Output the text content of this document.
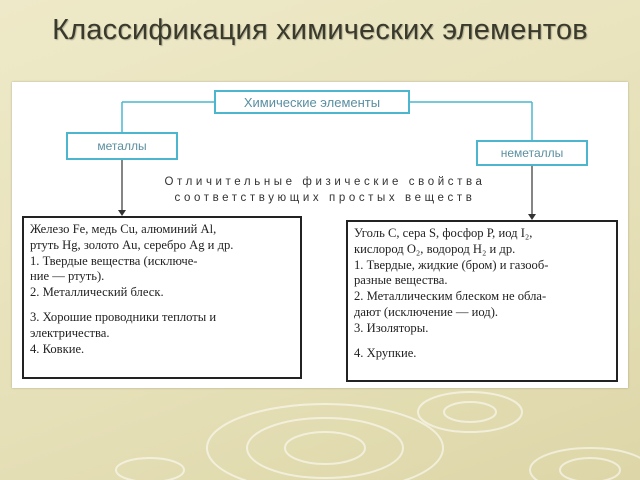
Классификация химических элементов
Химические элементы
металлы	неметаллы
Отличительные физические свойства
соответствующих простых веществ
Железо Fe, медь Cu, алюминий Al,
ртуть Hg, золото Au, серебро Ag и др.
1. Твердые вещества (исключе-
ние — ртуть).
2. Металлический блеск.
3. Хорошие проводники теплоты и
электричества.
4. Ковкие.
Уголь С, сера S, фосфор Р, иод I₂,
кислород O₂, водород H₂ и др.
1. Твердые, жидкие (бром) и газооб-
разные вещества.
2. Металлическим блеском не обла-
дают (исключение — иод).
3. Изоляторы.
4. Хрупкие.
